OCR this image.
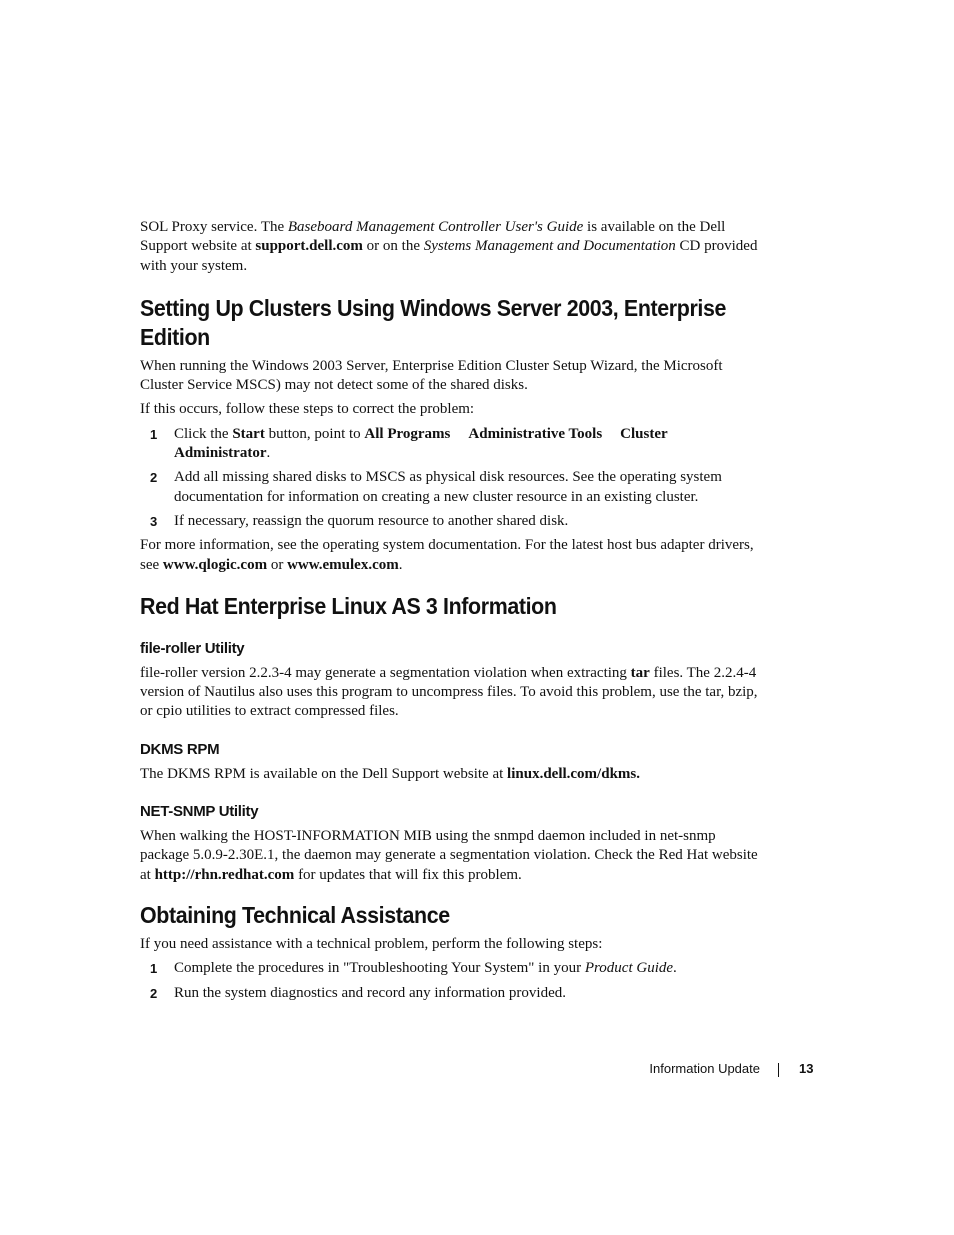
SOL Proxy service. The Baseboard Management Controller User's Guide is available on the Dell Support website at support.dell.com or on the Systems Management and Documentation CD provided with your system.

Setting Up Clusters Using Windows Server 2003, Enterprise Edition

When running the Windows 2003 Server, Enterprise Edition Cluster Setup Wizard, the Microsoft Cluster Service MSCS) may not detect some of the shared disks.

If this occurs, follow these steps to correct the problem:

1 Click the Start button, point to All Programs Administrative Tools Cluster Administrator.
2 Add all missing shared disks to MSCS as physical disk resources. See the operating system documentation for information on creating a new cluster resource in an existing cluster.
3 If necessary, reassign the quorum resource to another shared disk.

For more information, see the operating system documentation. For the latest host bus adapter drivers, see www.qlogic.com or www.emulex.com.

Red Hat Enterprise Linux AS 3 Information
file-roller Utility

file-roller version 2.2.3-4 may generate a segmentation violation when extracting tar files. The 2.2.4-4 version of Nautilus also uses this program to uncompress files. To avoid this problem, use the tar, bzip, or cpio utilities to extract compressed files.

DKMS RPM

The DKMS RPM is available on the Dell Support website at linux.dell.com/dkms.

NET-SNMP Utility

When walking the HOST-INFORMATION MIB using the snmpd daemon included in net-snmp package 5.0.9-2.30E.1, the daemon may generate a segmentation violation. Check the Red Hat website at http://rhn.redhat.com for updates that will fix this problem.

Obtaining Technical Assistance

If you need assistance with a technical problem, perform the following steps:

1 Complete the procedures in "Troubleshooting Your System" in your Product Guide.
2 Run the system diagnostics and record any information provided.
Information Update	13
